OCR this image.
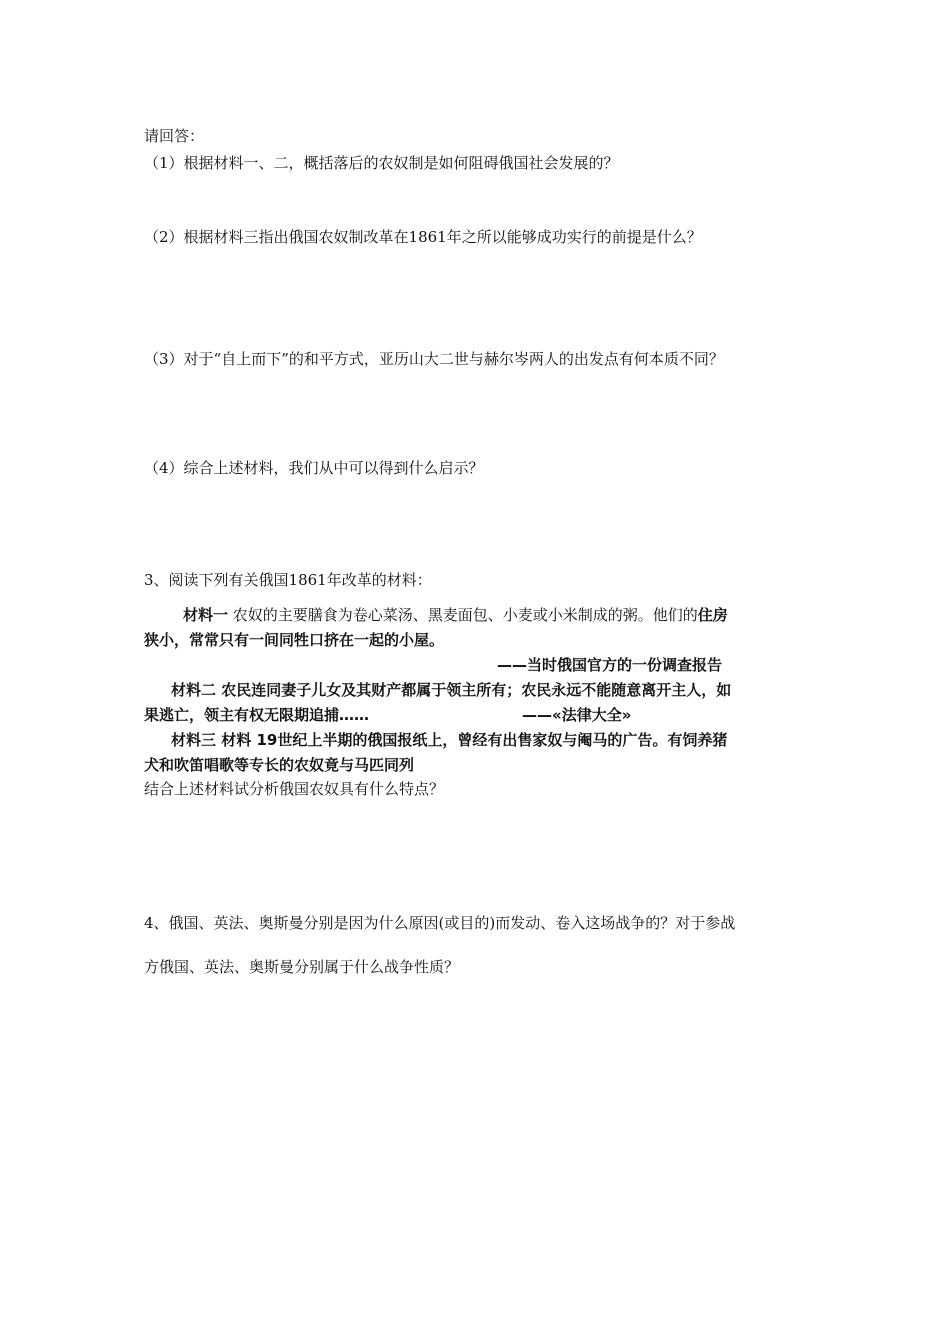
请回答：
（1）根据材料一、二，概括落后的农奴制是如何阻碍俄国社会发展的？
（2）根据材料三指出俄国农奴制改革在1861年之所以能够成功实行的前提是什么？
（3）对于“自上而下”的和平方式，亚历山大二世与赫尔岑两人的出发点有何本质不同？
（4）综合上述材料，我们从中可以得到什么启示？
3、阅读下列有关俄国1861年改革的材料：
材料一 农奴的主要膳食为卷心菜汤、黑麦面包、小麦或小米制成的粥。他们的住房
狭小，常常只有一间同牲口挤在一起的小屋。
——当时俄国官方的一份调查报告
材料二 农民连同妻子儿女及其财产都属于领主所有；农民永远不能随意离开主人，如
果逃亡，领主有权无限期追捕……	——«法律大全»
材料三 材料 19世纪上半期的俄国报纸上，曾经有出售家奴与阉马的广告。有饲养猪
犬和吹笛唱歌等专长的农奴竟与马匹同列
结合上述材料试分析俄国农奴具有什么特点？
4、俄国、英法、奥斯曼分别是因为什么原因(或目的)而发动、卷入这场战争的？对于参战
方俄国、英法、奥斯曼分别属于什么战争性质？
